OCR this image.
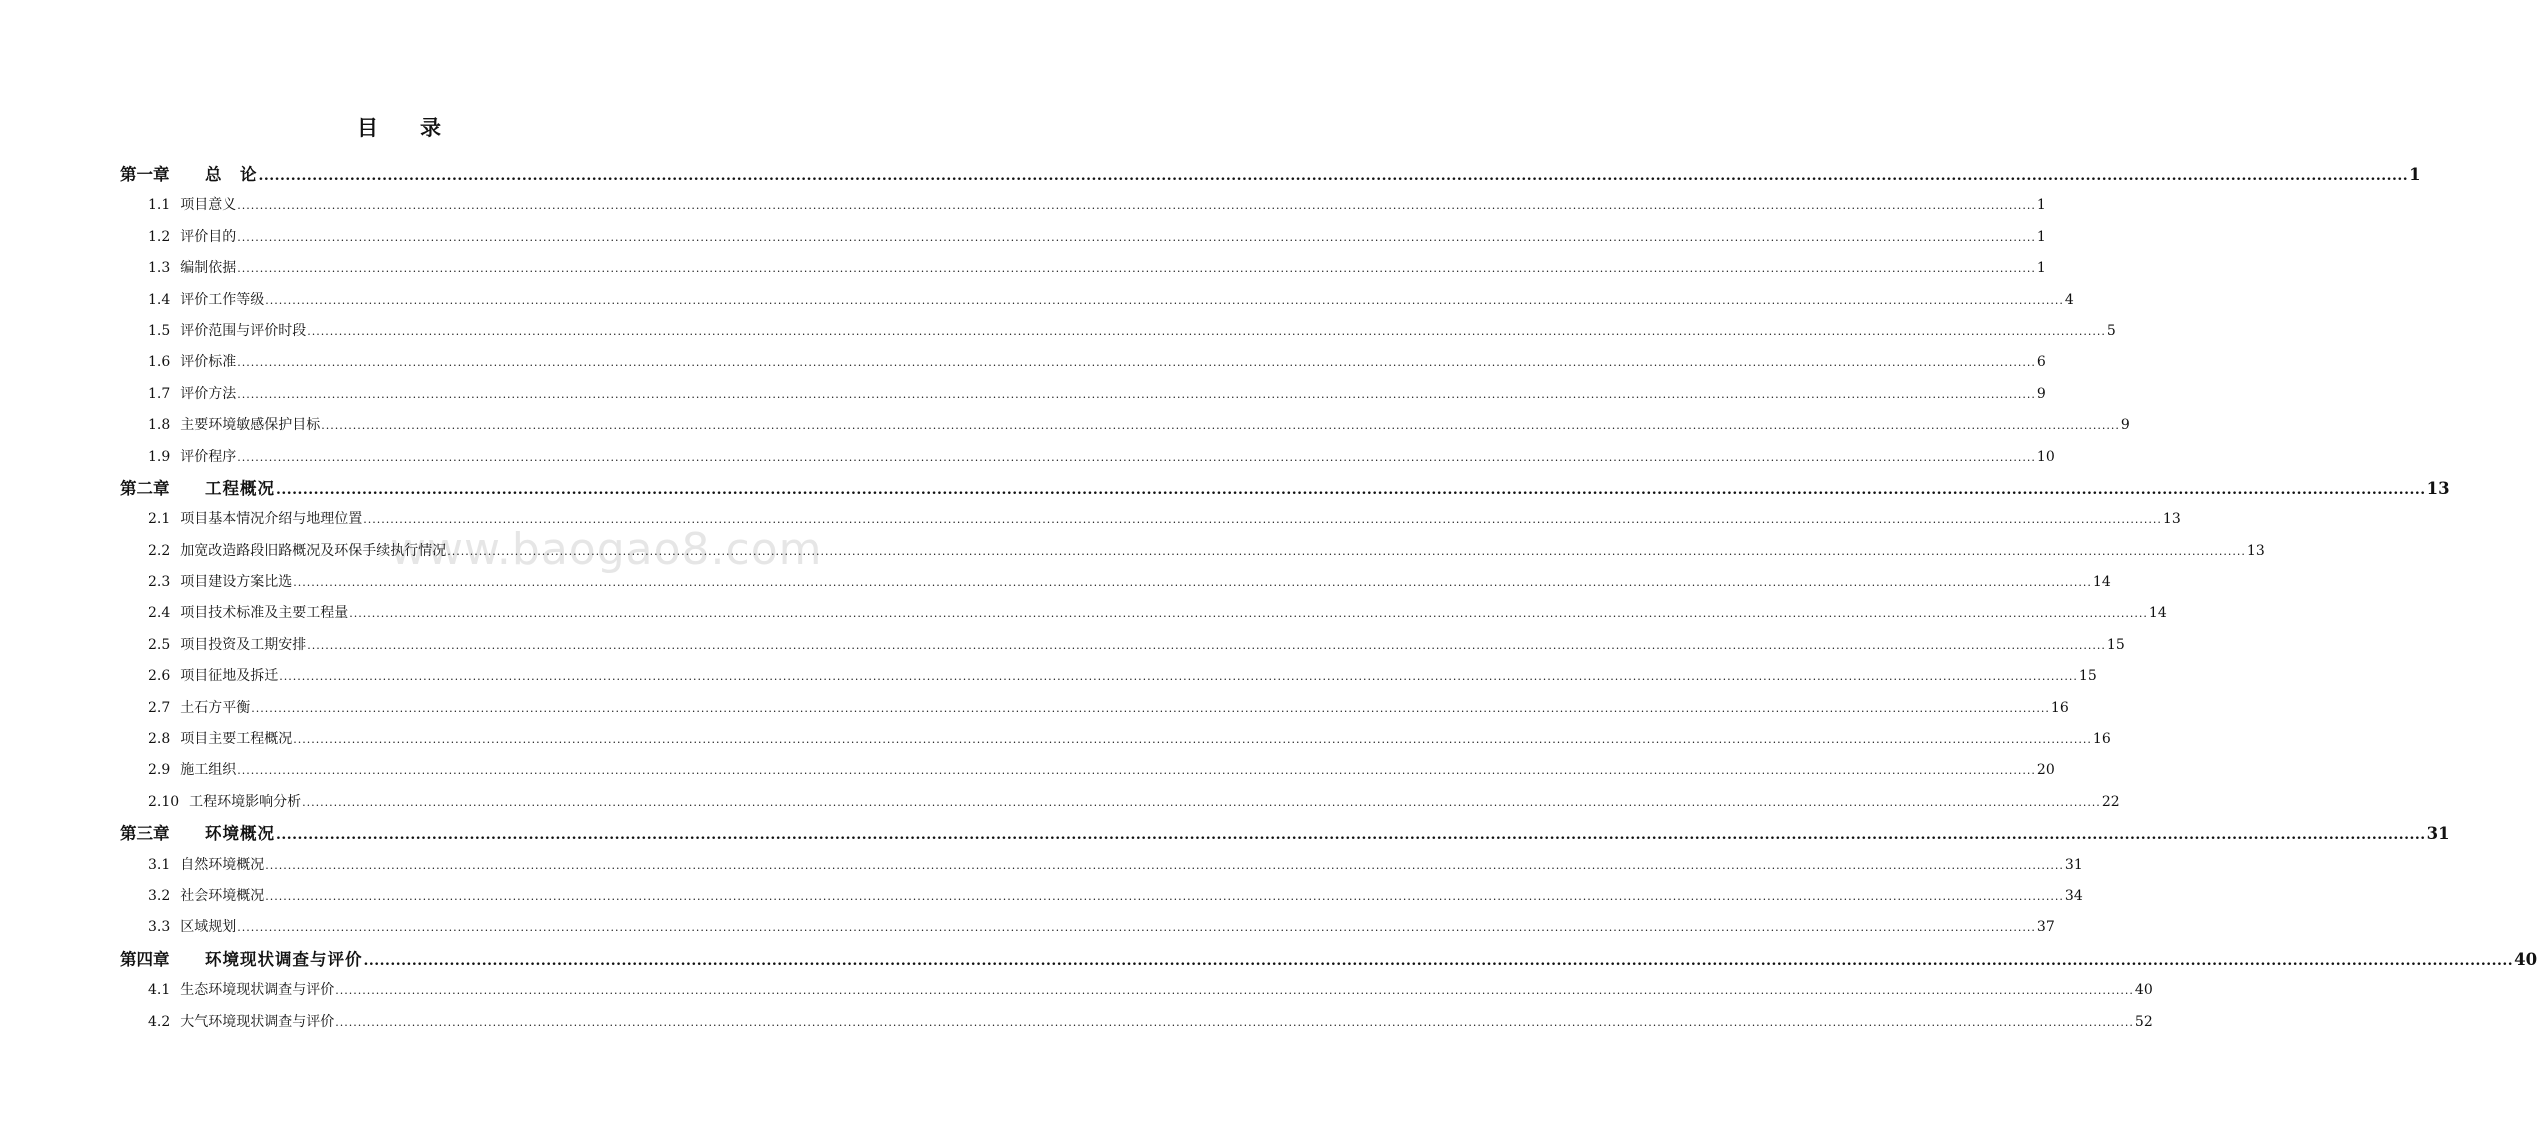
目 录
www.baogao8.com
第一章	总　论 ................................................................................................................................................................................................................................................................................................................................................................................................................ 1
1.1 项目意义 ................................................................................................................................................................................................................................................................................................................................................................................................................ 1
1.2 评价目的 ................................................................................................................................................................................................................................................................................................................................................................................................................ 1
1.3 编制依据 ................................................................................................................................................................................................................................................................................................................................................................................................................ 1
1.4 评价工作等级 ................................................................................................................................................................................................................................................................................................................................................................................................................ 4
1.5 评价范围与评价时段 ................................................................................................................................................................................................................................................................................................................................................................................................................ 5
1.6 评价标准 ................................................................................................................................................................................................................................................................................................................................................................................................................ 6
1.7 评价方法 ................................................................................................................................................................................................................................................................................................................................................................................................................ 9
1.8 主要环境敏感保护目标 ................................................................................................................................................................................................................................................................................................................................................................................................................ 9
1.9 评价程序 ................................................................................................................................................................................................................................................................................................................................................................................................................ 10
第二章	工程概况 ................................................................................................................................................................................................................................................................................................................................................................................................................ 13
2.1 项目基本情况介绍与地理位置 ................................................................................................................................................................................................................................................................................................................................................................................................................ 13
2.2 加宽改造路段旧路概况及环保手续执行情况 ................................................................................................................................................................................................................................................................................................................................................................................................................ 13
2.3 项目建设方案比选 ................................................................................................................................................................................................................................................................................................................................................................................................................ 14
2.4 项目技术标准及主要工程量 ................................................................................................................................................................................................................................................................................................................................................................................................................ 14
2.5 项目投资及工期安排 ................................................................................................................................................................................................................................................................................................................................................................................................................ 15
2.6 项目征地及拆迁 ................................................................................................................................................................................................................................................................................................................................................................................................................ 15
2.7 土石方平衡 ................................................................................................................................................................................................................................................................................................................................................................................................................ 16
2.8 项目主要工程概况 ................................................................................................................................................................................................................................................................................................................................................................................................................ 16
2.9 施工组织 ................................................................................................................................................................................................................................................................................................................................................................................................................ 20
2.10 工程环境影响分析 ................................................................................................................................................................................................................................................................................................................................................................................................................ 22
第三章	环境概况 ................................................................................................................................................................................................................................................................................................................................................................................................................ 31
3.1 自然环境概况 ................................................................................................................................................................................................................................................................................................................................................................................................................ 31
3.2 社会环境概况 ................................................................................................................................................................................................................................................................................................................................................................................................................ 34
3.3 区域规划 ................................................................................................................................................................................................................................................................................................................................................................................................................ 37
第四章	环境现状调查与评价 ................................................................................................................................................................................................................................................................................................................................................................................................................ 40
4.1 生态环境现状调查与评价 ................................................................................................................................................................................................................................................................................................................................................................................................................ 40
4.2 大气环境现状调查与评价 ................................................................................................................................................................................................................................................................................................................................................................................................................ 52
